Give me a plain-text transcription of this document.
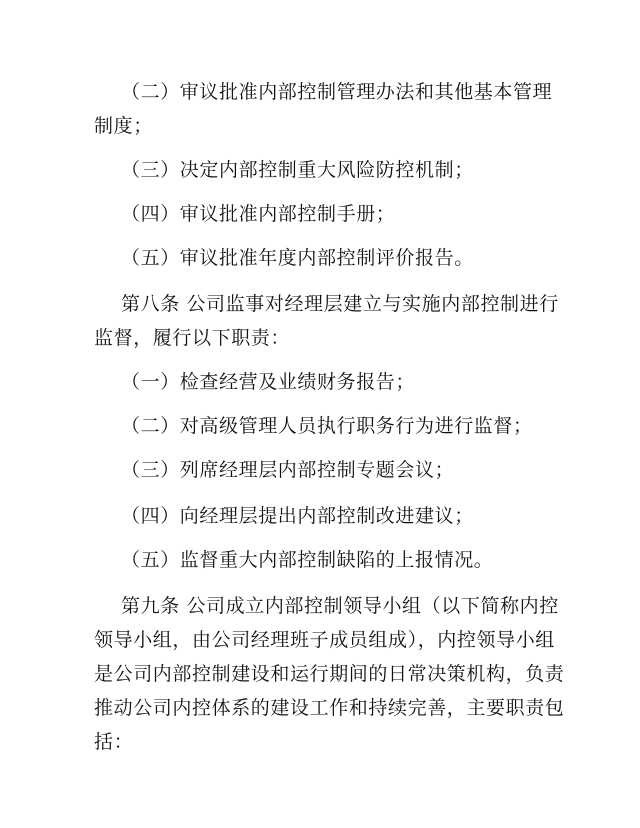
（二）审议批准内部控制管理办法和其他基本管理
制度；
（三）决定内部控制重大风险防控机制；
（四）审议批准内部控制手册；
（五）审议批准年度内部控制评价报告。
第八条 公司监事对经理层建立与实施内部控制进行
监督，履行以下职责：
（一）检查经营及业绩财务报告；
（二）对高级管理人员执行职务行为进行监督；
（三）列席经理层内部控制专题会议；
（四）向经理层提出内部控制改进建议；
（五）监督重大内部控制缺陷的上报情况。
第九条 公司成立内部控制领导小组（以下简称内控
领导小组，由公司经理班子成员组成），内控领导小组
是公司内部控制建设和运行期间的日常决策机构，负责
推动公司内控体系的建设工作和持续完善，主要职责包
括：
